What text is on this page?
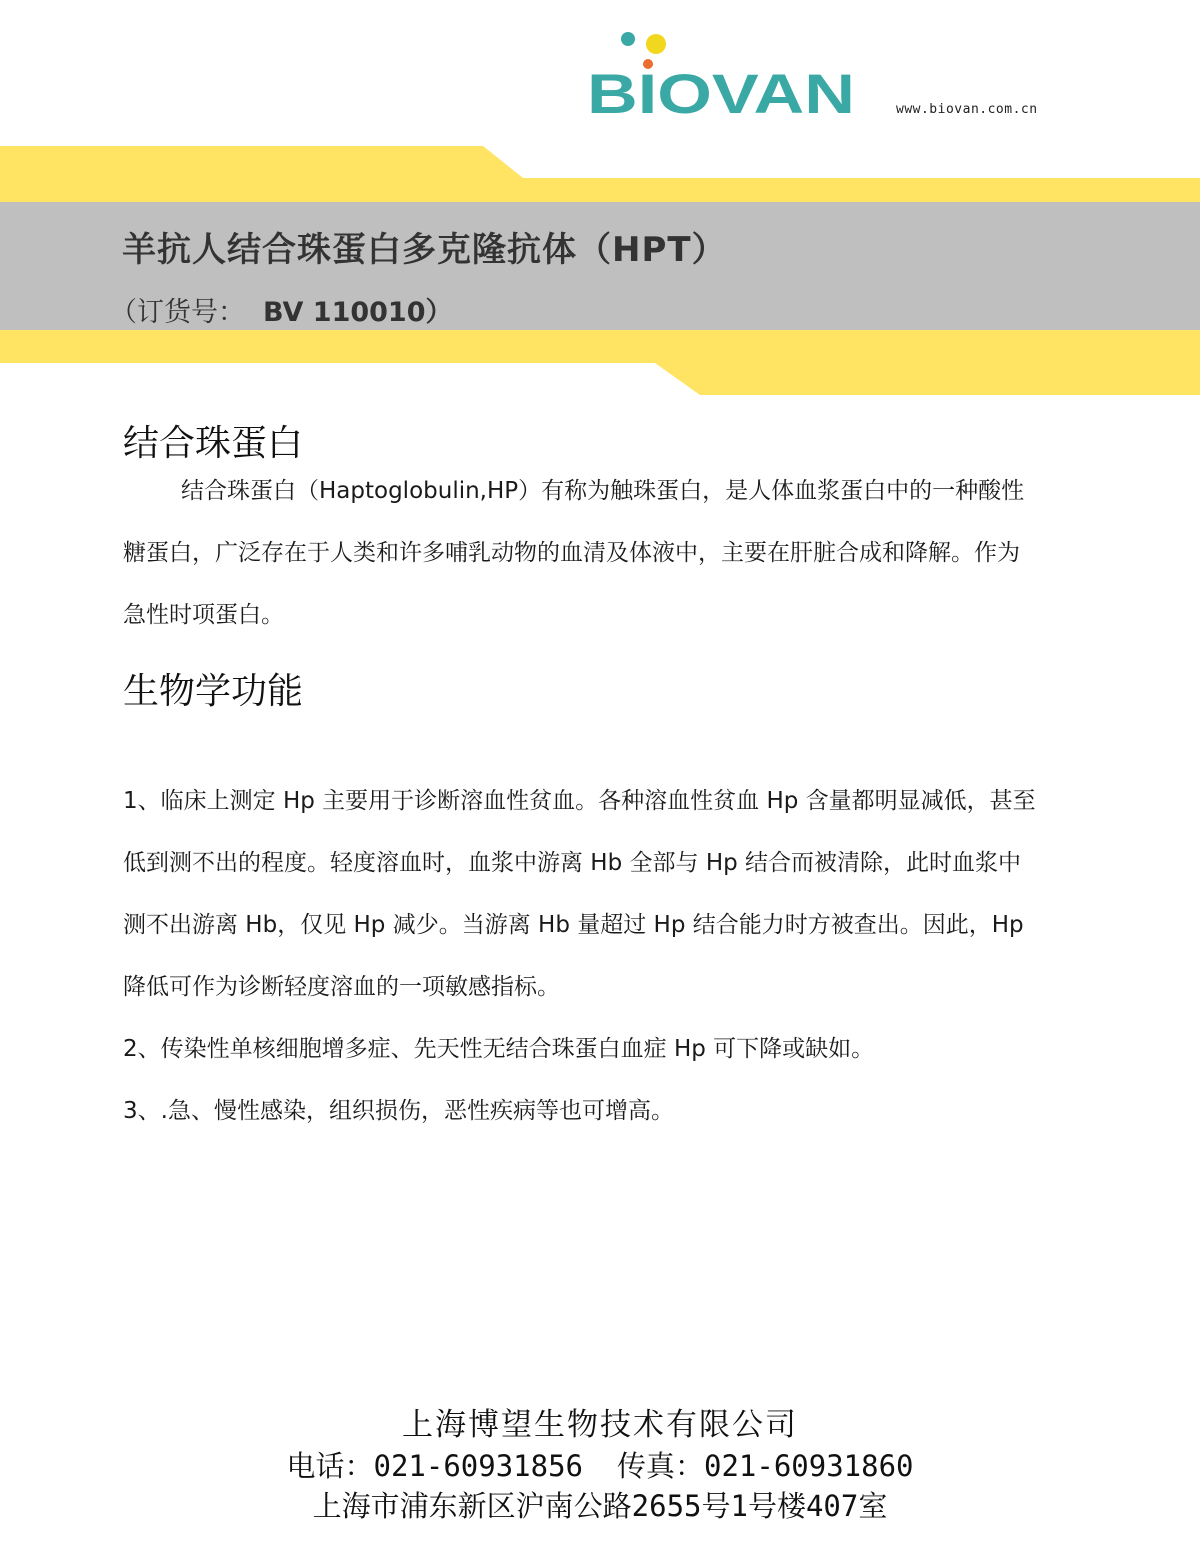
BIOVAN	www.biovan.com.cn
羊抗人结合珠蛋白多克隆抗体（HPT）

（订货号： BV 110010）

结合珠蛋白
结合珠蛋白（Haptoglobulin,HP）有称为触珠蛋白，是人体血浆蛋白中的一种酸性
糖蛋白，广泛存在于人类和许多哺乳动物的血清及体液中，主要在肝脏合成和降解。作为
急性时项蛋白。
生物学功能
1、临床上测定 Hp 主要用于诊断溶血性贫血。各种溶血性贫血 Hp 含量都明显减低，甚至
低到测不出的程度。轻度溶血时，血浆中游离 Hb 全部与 Hp 结合而被清除，此时血浆中
测不出游离 Hb，仅见 Hp 减少。当游离 Hb 量超过 Hp 结合能力时方被查出。因此，Hp
降低可作为诊断轻度溶血的一项敏感指标。
2、传染性单核细胞增多症、先天性无结合珠蛋白血症 Hp 可下降或缺如。
3、.急、慢性感染，组织损伤，恶性疾病等也可增高。
上海博望生物技术有限公司
电话：021-60931856 传真：021-60931860
上海市浦东新区沪南公路2655号1号楼407室
